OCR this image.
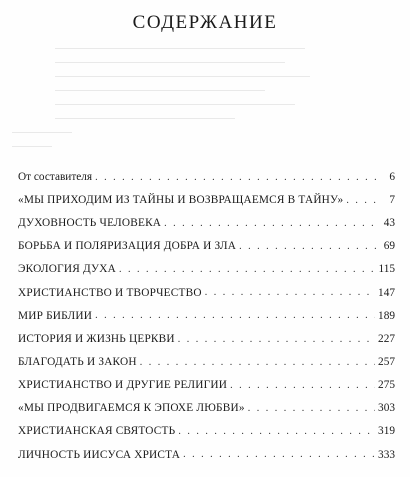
СОДЕРЖАНИЕ
От составителя . . .	6
«МЫ ПРИХОДИМ ИЗ ТАЙНЫ И ВОЗВРАЩАЕМСЯ В ТАЙНУ» . . .	7
ДУХОВНОСТЬ ЧЕЛОВЕКА . . .	43
БОРЬБА И ПОЛЯРИЗАЦИЯ ДОБРА И ЗЛА . . .	69
ЭКОЛОГИЯ ДУХА . . .	115
ХРИСТИАНСТВО И ТВОРЧЕСТВО . . .	147
МИР БИБЛИИ . . .	189
ИСТОРИЯ И ЖИЗНЬ ЦЕРКВИ . . .	227
БЛАГОДАТЬ И ЗАКОН . . .	257
ХРИСТИАНСТВО И ДРУГИЕ РЕЛИГИИ . . .	275
«МЫ ПРОДВИГАЕМСЯ К ЭПОХЕ ЛЮБВИ» . . .	303
ХРИСТИАНСКАЯ СВЯТОСТЬ . . .	319
ЛИЧНОСТЬ ИИСУСА ХРИСТА . . .	333
